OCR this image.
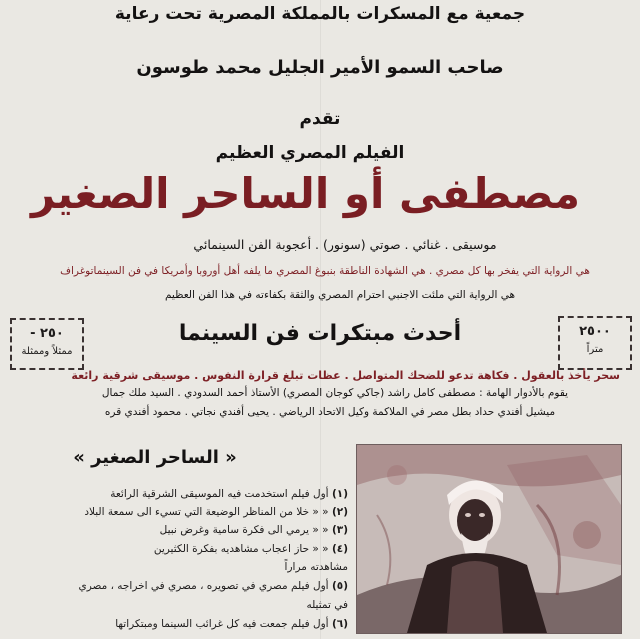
جمعية مع المسكرات بالمملكة المصرية تحت رعاية
صاحب السمو الأمير الجليل محمد طوسون
تقدم
الفيلم المصري العظيم
مصطفى أو الساحر الصغير
موسيقى . غنائي . صوتي (سونور) . أعجوبة الفن السينمائي
هي الرواية التي يفخر بها كل مصري . هي الشهادة الناطقة بنبوغ المصري ما يلفه أهل أوروبا وأمريكا في فن السينماتوغراف
هي الرواية التي ملئت الاجنبي احترام المصري والثقة بكفاءته في هذا الفن العظيم
٢٥٠٠
متراً
٢٥٠ -
ممثلاً وممثلة
أحدث مبتكرات فن السينما
سحر يأخذ بالعقول . فكاهة تدعو للضحك المتواصل . عظات تبلغ قرارة النفوس . موسيقى شرقية رائعة
يقوم بالأدوار الهامة : مصطفى كامل راشد (جاكي كوجان المصري) الأستاذ أحمد السدودي . السيد ملك جمال
ميشيل أفندي حداد بطل مصر في الملاكمة وكيل الاتحاد الرياضي . يحيى أفندي نجاتي . محمود أفندي قره
« الساحر الصغير »
(١) أول فيلم استخدمت فيه الموسيقى الشرقية الرائعة
(٢) « « خلا من المناظر الوضيعة التي تسيء الى سمعة البلاد
(٣) « « يرمي الى فكرة سامية وغرض نبيل
(٤) « « حاز اعجاب مشاهديه بفكرة الكثيرين
مشاهدته مراراً
(٥) أول فيلم مصري في تصويره ، مصري في اخراجه ، مصري
في تمثيله
(٦) أول فيلم جمعت فيه كل غرائب السينما ومبتكراتها
